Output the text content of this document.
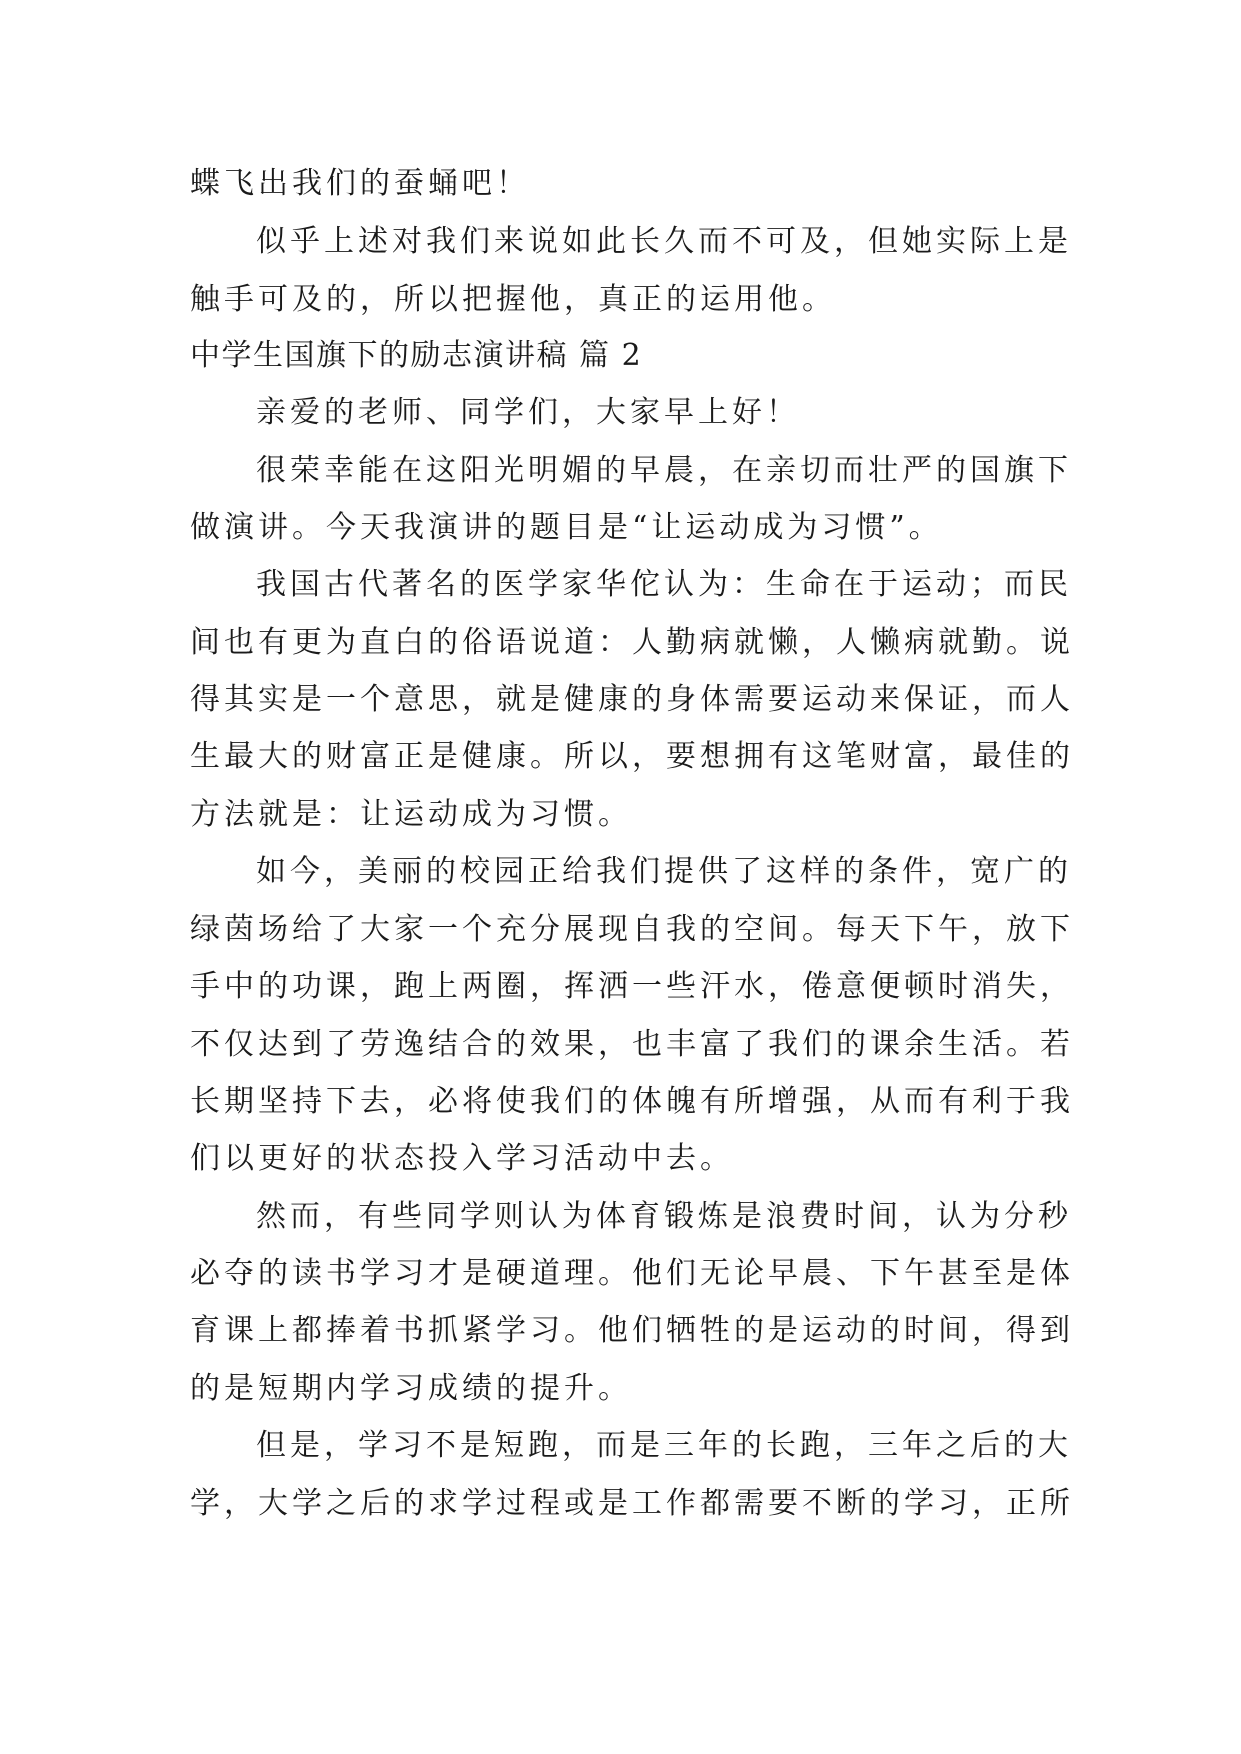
蝶飞出我们的蚕蛹吧！
似乎上述对我们来说如此长久而不可及，但她实际上是
触手可及的，所以把握他，真正的运用他。
中学生国旗下的励志演讲稿 篇 2
亲爱的老师、同学们，大家早上好！
很荣幸能在这阳光明媚的早晨，在亲切而壮严的国旗下
做演讲。今天我演讲的题目是“让运动成为习惯”。
我国古代著名的医学家华佗认为：生命在于运动；而民
间也有更为直白的俗语说道：人勤病就懒，人懒病就勤。说
得其实是一个意思，就是健康的身体需要运动来保证，而人
生最大的财富正是健康。所以，要想拥有这笔财富，最佳的
方法就是：让运动成为习惯。
如今，美丽的校园正给我们提供了这样的条件，宽广的
绿茵场给了大家一个充分展现自我的空间。每天下午，放下
手中的功课，跑上两圈，挥洒一些汗水，倦意便顿时消失，
不仅达到了劳逸结合的效果，也丰富了我们的课余生活。若
长期坚持下去，必将使我们的体魄有所增强，从而有利于我
们以更好的状态投入学习活动中去。
然而，有些同学则认为体育锻炼是浪费时间，认为分秒
必夺的读书学习才是硬道理。他们无论早晨、下午甚至是体
育课上都捧着书抓紧学习。他们牺牲的是运动的时间，得到
的是短期内学习成绩的提升。
但是，学习不是短跑，而是三年的长跑，三年之后的大
学，大学之后的求学过程或是工作都需要不断的学习，正所
